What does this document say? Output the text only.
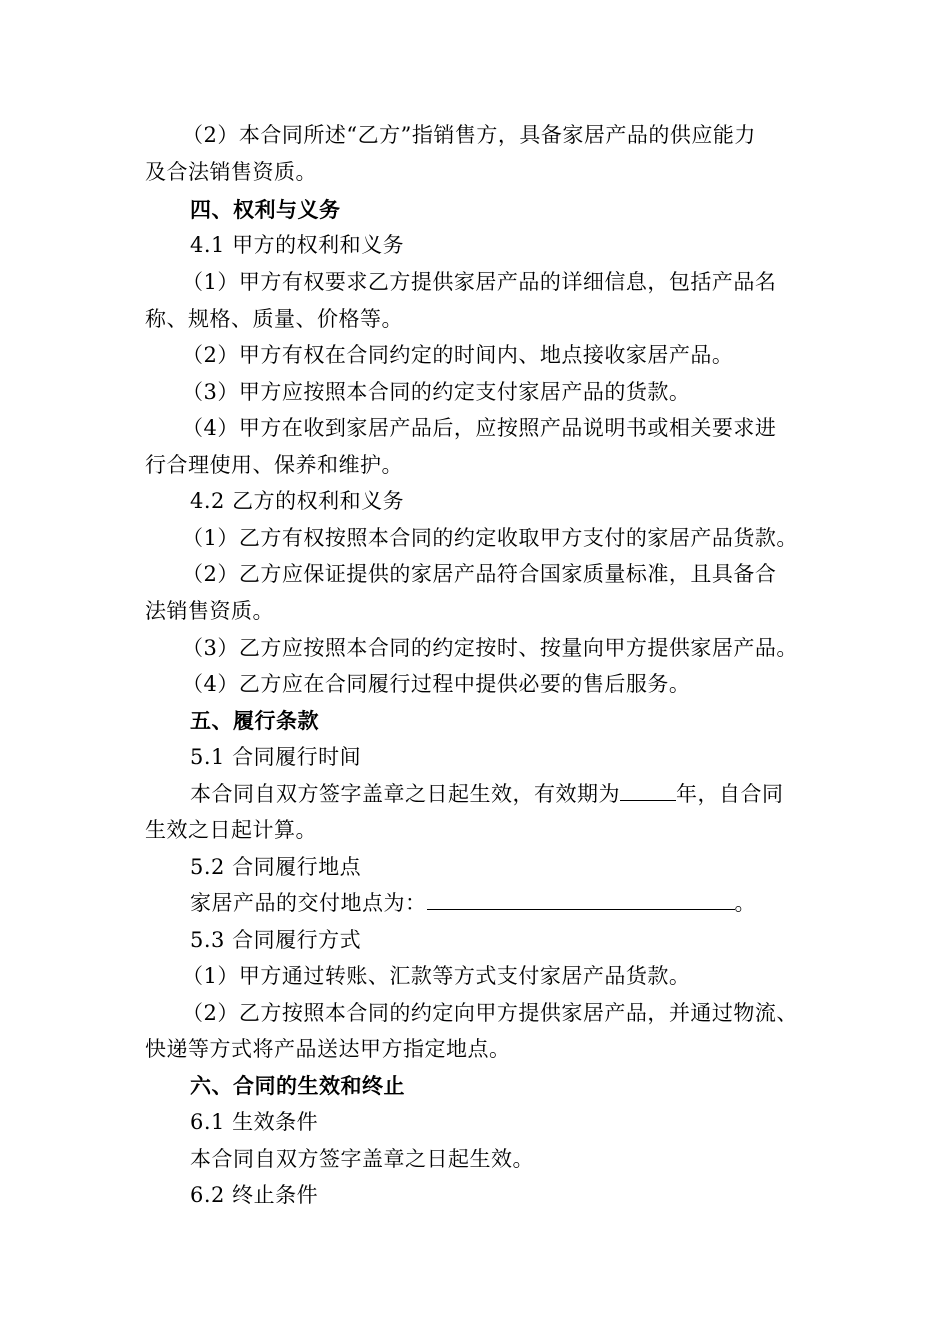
（2）本合同所述“乙方”指销售方，具备家居产品的供应能力
及合法销售资质。
四、权利与义务
4.1 甲方的权利和义务
（1）甲方有权要求乙方提供家居产品的详细信息，包括产品名
称、规格、质量、价格等。
（2）甲方有权在合同约定的时间内、地点接收家居产品。
（3）甲方应按照本合同的约定支付家居产品的货款。
（4）甲方在收到家居产品后，应按照产品说明书或相关要求进
行合理使用、保养和维护。
4.2 乙方的权利和义务
（1）乙方有权按照本合同的约定收取甲方支付的家居产品货款。
（2）乙方应保证提供的家居产品符合国家质量标准，且具备合
法销售资质。
（3）乙方应按照本合同的约定按时、按量向甲方提供家居产品。
（4）乙方应在合同履行过程中提供必要的售后服务。
五、履行条款
5.1 合同履行时间
本合同自双方签字盖章之日起生效，有效期为	年，自合同
生效之日起计算。
5.2 合同履行地点
家居产品的交付地点为：	。
5.3 合同履行方式
（1）甲方通过转账、汇款等方式支付家居产品货款。
（2）乙方按照本合同的约定向甲方提供家居产品，并通过物流、
快递等方式将产品送达甲方指定地点。
六、合同的生效和终止
6.1 生效条件
本合同自双方签字盖章之日起生效。
6.2 终止条件
